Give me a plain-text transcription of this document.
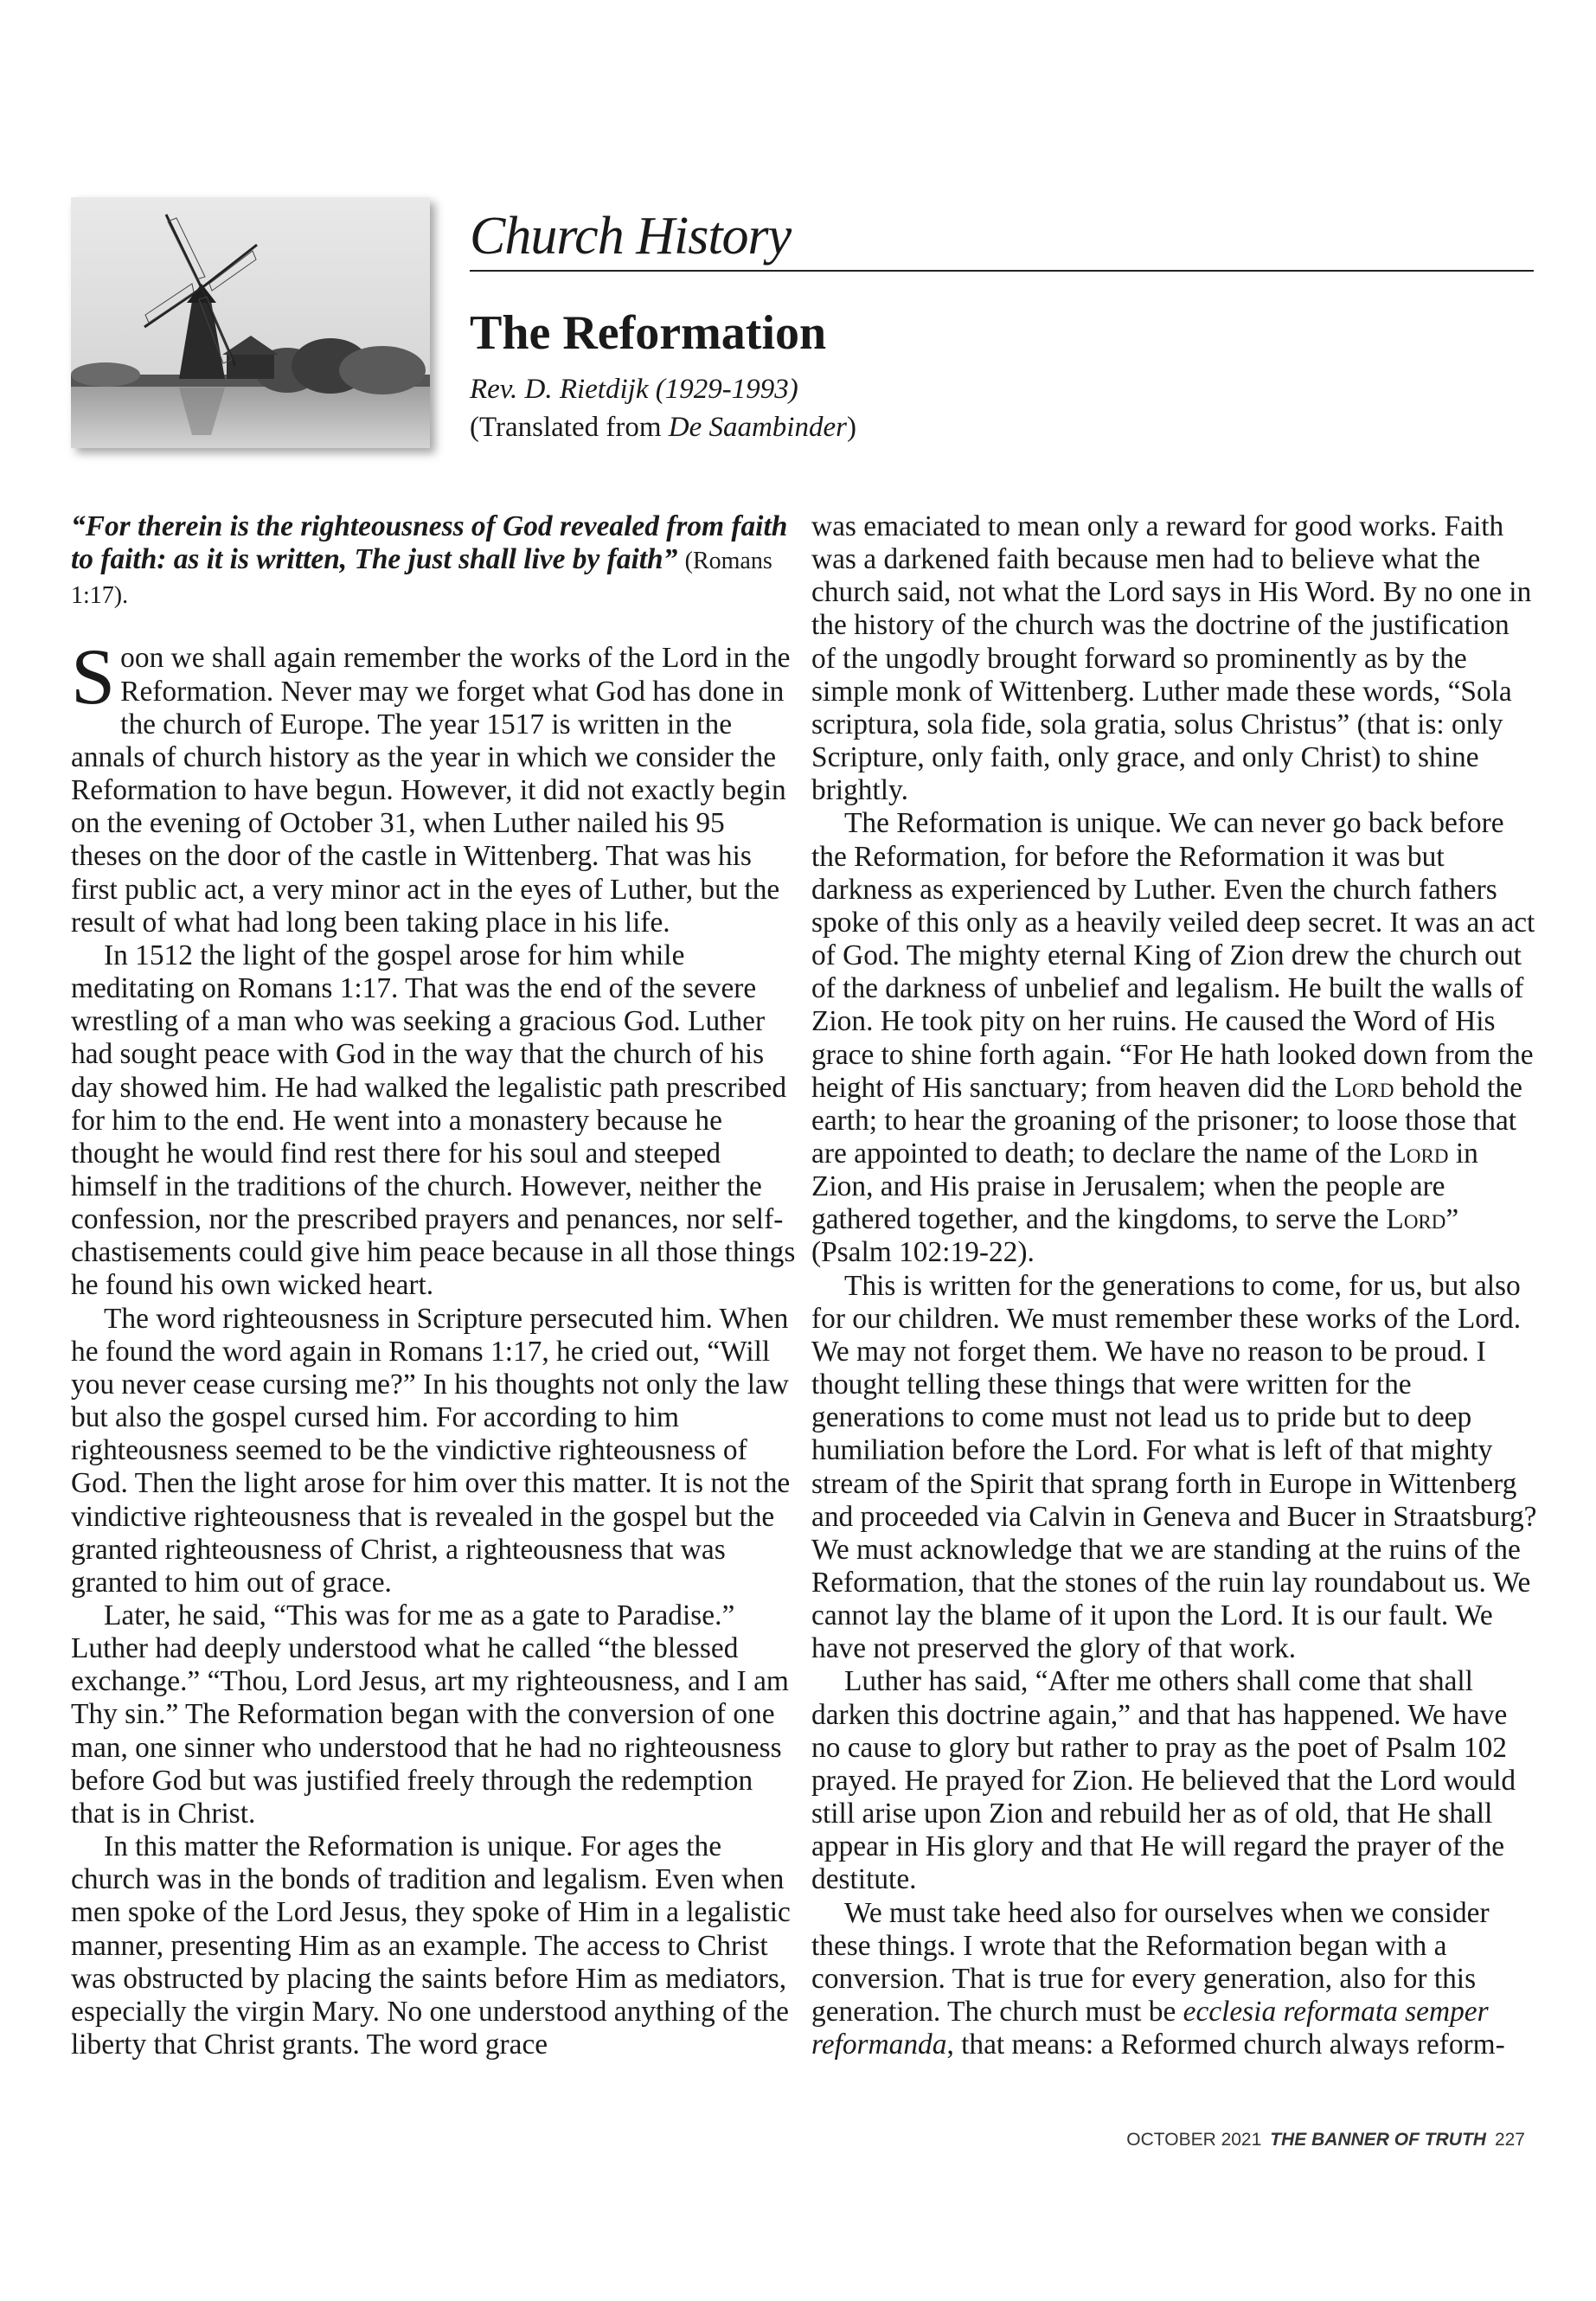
Church History
The Reformation
Rev. D. Rietdijk (1929-1993)
(Translated from De Saambinder)

“For therein is the righteousness of God revealed from faith to faith: as it is written, The just shall live by faith” (Romans 1:17).

Soon we shall again remember the works of the Lord in the Reformation. Never may we forget what God has done in the church of Europe. The year 1517 is written in the annals of church history as the year in which we consider the Reformation to have begun. However, it did not exactly begin on the evening of October 31, when Luther nailed his 95 theses on the door of the castle in Wittenberg. That was his first public act, a very minor act in the eyes of Luther, but the result of what had long been taking place in his life.

In 1512 the light of the gospel arose for him while meditating on Romans 1:17. That was the end of the severe wrestling of a man who was seeking a gracious God. Luther had sought peace with God in the way that the church of his day showed him. He had walked the legalistic path prescribed for him to the end. He went into a monastery because he thought he would find rest there for his soul and steeped himself in the traditions of the church. However, neither the confession, nor the prescribed prayers and penances, nor self-chastisements could give him peace because in all those things he found his own wicked heart.

The word righteousness in Scripture persecuted him. When he found the word again in Romans 1:17, he cried out, “Will you never cease cursing me?” In his thoughts not only the law but also the gospel cursed him. For according to him righteousness seemed to be the vindictive righteousness of God. Then the light arose for him over this matter. It is not the vindictive righteousness that is revealed in the gospel but the granted righteousness of Christ, a righteousness that was granted to him out of grace.

Later, he said, “This was for me as a gate to Paradise.” Luther had deeply understood what he called “the blessed exchange.” “Thou, Lord Jesus, art my righteousness, and I am Thy sin.” The Reformation began with the conversion of one man, one sinner who understood that he had no righteousness before God but was justified freely through the redemption that is in Christ.

In this matter the Reformation is unique. For ages the church was in the bonds of tradition and legalism. Even when men spoke of the Lord Jesus, they spoke of Him in a legalistic manner, presenting Him as an example. The access to Christ was obstructed by placing the saints before Him as mediators, especially the virgin Mary. No one understood anything of the liberty that Christ grants. The word grace

was emaciated to mean only a reward for good works. Faith was a darkened faith because men had to believe what the church said, not what the Lord says in His Word. By no one in the history of the church was the doctrine of the justification of the ungodly brought forward so prominently as by the simple monk of Wittenberg. Luther made these words, “Sola scriptura, sola fide, sola gratia, solus Christus” (that is: only Scripture, only faith, only grace, and only Christ) to shine brightly.

The Reformation is unique. We can never go back before the Reformation, for before the Reformation it was but darkness as experienced by Luther. Even the church fathers spoke of this only as a heavily veiled deep secret. It was an act of God. The mighty eternal King of Zion drew the church out of the darkness of unbelief and legalism. He built the walls of Zion. He took pity on her ruins. He caused the Word of His grace to shine forth again. “For He hath looked down from the height of His sanctuary; from heaven did the Lord behold the earth; to hear the groaning of the prisoner; to loose those that are appointed to death; to declare the name of the Lord in Zion, and His praise in Jerusalem; when the people are gathered together, and the kingdoms, to serve the Lord” (Psalm 102:19-22).

This is written for the generations to come, for us, but also for our children. We must remember these works of the Lord. We may not forget them. We have no reason to be proud. I thought telling these things that were written for the generations to come must not lead us to pride but to deep humiliation before the Lord. For what is left of that mighty stream of the Spirit that sprang forth in Europe in Wittenberg and proceeded via Calvin in Geneva and Bucer in Straatsburg? We must acknowledge that we are standing at the ruins of the Reformation, that the stones of the ruin lay roundabout us. We cannot lay the blame of it upon the Lord. It is our fault. We have not preserved the glory of that work.

Luther has said, “After me others shall come that shall darken this doctrine again,” and that has happened. We have no cause to glory but rather to pray as the poet of Psalm 102 prayed. He prayed for Zion. He believed that the Lord would still arise upon Zion and rebuild her as of old, that He shall appear in His glory and that He will regard the prayer of the destitute.

We must take heed also for ourselves when we consider these things. I wrote that the Reformation began with a conversion. That is true for every generation, also for this generation. The church must be ecclesia reformata semper reformanda, that means: a Reformed church always reform-

OCTOBER 2021 THE BANNER OF TRUTH 227
